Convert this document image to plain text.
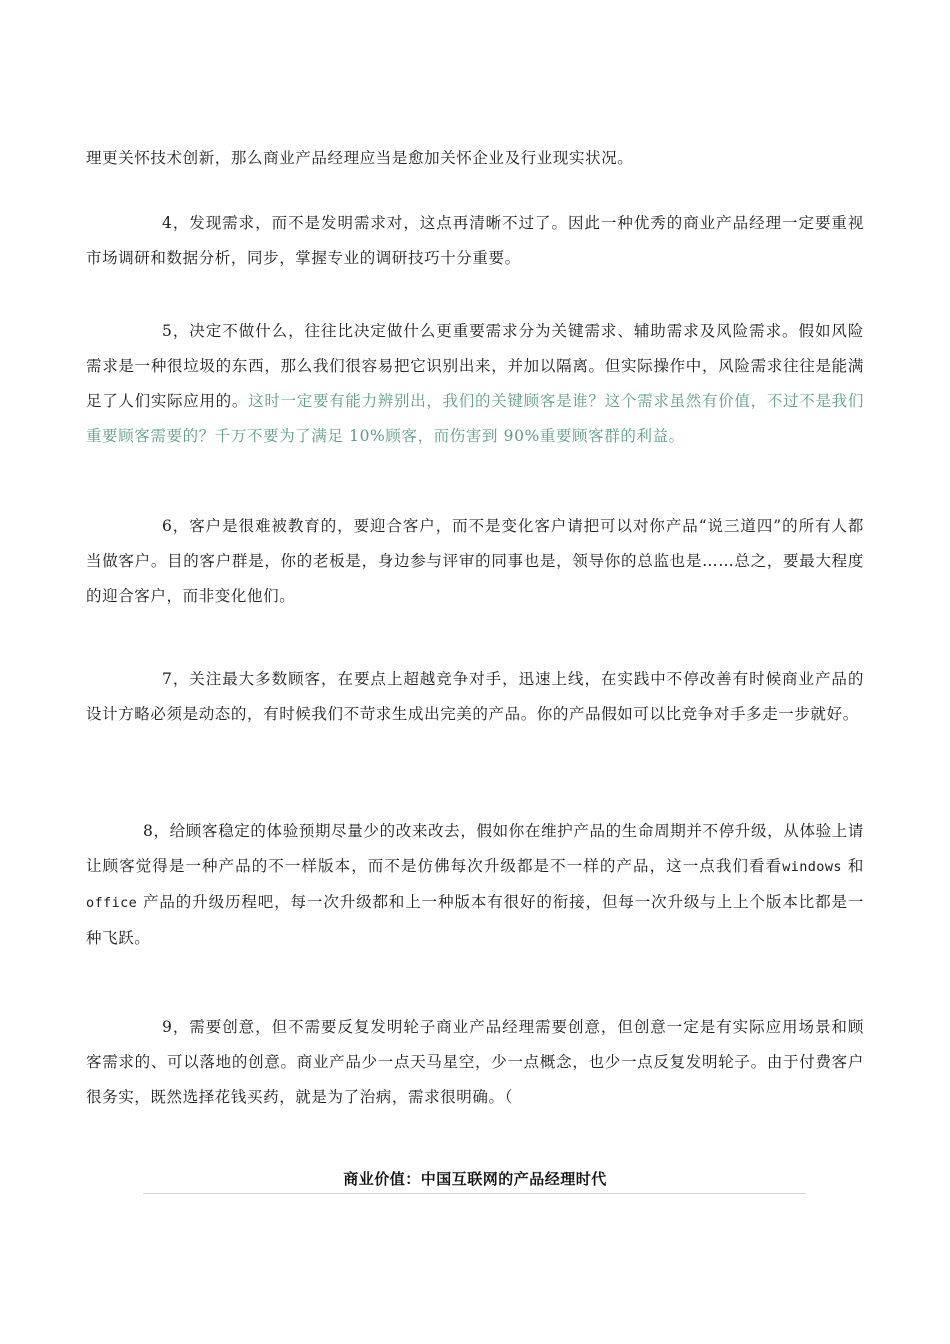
理更关怀技术创新，那么商业产品经理应当是愈加关怀企业及行业现实状况。

4，发现需求，而不是发明需求对，这点再清晰不过了。因此一种优秀的商业产品经理一定要重视市场调研和数据分析，同步，掌握专业的调研技巧十分重要。

5，决定不做什么，往往比决定做什么更重要需求分为关键需求、辅助需求及风险需求。假如风险需求是一种很垃圾的东西，那么我们很容易把它识别出来，并加以隔离。但实际操作中，风险需求往往是能满足了人们实际应用的。这时一定要有能力辨别出，我们的关键顾客是谁？这个需求虽然有价值，不过不是我们重要顾客需要的？千万不要为了满足 10%顾客，而伤害到 90%重要顾客群的利益。

6，客户是很难被教育的，要迎合客户，而不是变化客户请把可以对你产品“说三道四”的所有人都当做客户。目的客户群是，你的老板是，身边参与评审的同事也是，领导你的总监也是……总之，要最大程度的迎合客户，而非变化他们。

7，关注最大多数顾客，在要点上超越竞争对手，迅速上线，在实践中不停改善有时候商业产品的设计方略必须是动态的，有时候我们不苛求生成出完美的产品。你的产品假如可以比竞争对手多走一步就好。

8，给顾客稳定的体验预期尽量少的改来改去，假如你在维护产品的生命周期并不停升级，从体验上请让顾客觉得是一种产品的不一样版本，而不是仿佛每次升级都是不一样的产品，这一点我们看看windows 和 office 产品的升级历程吧，每一次升级都和上一种版本有很好的衔接，但每一次升级与上上个版本比都是一种飞跃。

9，需要创意，但不需要反复发明轮子商业产品经理需要创意，但创意一定是有实际应用场景和顾客需求的、可以落地的创意。商业产品少一点天马星空，少一点概念，也少一点反复发明轮子。由于付费客户很务实，既然选择花钱买药，就是为了治病，需求很明确。（

商业价值：中国互联网的产品经理时代
